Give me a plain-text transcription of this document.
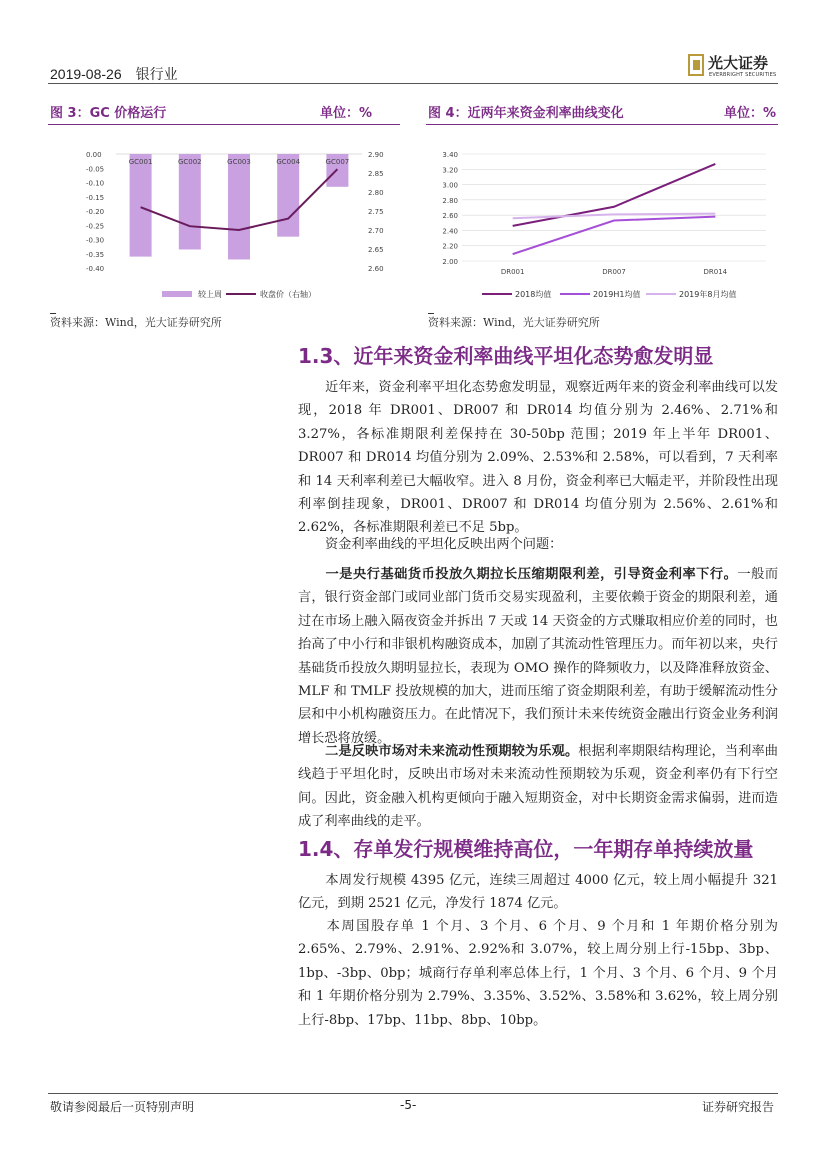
2019-08-26 银行业
光大证券
EVERBRIGHT SECURITIES
图 3：GC 价格运行	单位：%
0.00
-0.05
-0.10
-0.15
-0.20
-0.25
-0.30
-0.35
-0.40
2.90
2.85
2.80
2.75
2.70
2.65
2.60
GC001	GC002	GC003	GC004	GC007
较上周	收盘价（右轴）
资料来源：Wind，光大证券研究所
图 4：近两年来资金利率曲线变化	单位：%
3.40
3.20
3.00
2.80
2.60
2.40
2.20
2.00
DR001	DR007	DR014
2018均值	2019H1均值	2019年8月均值
资料来源：Wind，光大证券研究所
1.3、近年来资金利率曲线平坦化态势愈发明显
近年来，资金利率平坦化态势愈发明显，观察近两年来的资金利率曲线可以发现，2018 年 DR001、DR007 和 DR014 均值分别为 2.46%、2.71%和 3.27%，各标准期限利差保持在 30-50bp 范围；2019 年上半年 DR001、DR007 和 DR014 均值分别为 2.09%、2.53%和 2.58%，可以看到，7 天利率和 14 天利率利差已大幅收窄。进入 8 月份，资金利率已大幅走平，并阶段性出现利率倒挂现象，DR001、DR007 和 DR014 均值分别为 2.56%、2.61%和 2.62%，各标准期限利差已不足 5bp。
资金利率曲线的平坦化反映出两个问题：
一是央行基础货币投放久期拉长压缩期限利差，引导资金利率下行。一般而言，银行资金部门或同业部门货币交易实现盈利，主要依赖于资金的期限利差，通过在市场上融入隔夜资金并拆出 7 天或 14 天资金的方式赚取相应价差的同时，也抬高了中小行和非银机构融资成本，加剧了其流动性管理压力。而年初以来，央行基础货币投放久期明显拉长，表现为 OMO 操作的降频收力，以及降准释放资金、MLF 和 TMLF 投放规模的加大，进而压缩了资金期限利差，有助于缓解流动性分层和中小机构融资压力。在此情况下，我们预计未来传统资金融出行资金业务利润增长恐将放缓。
二是反映市场对未来流动性预期较为乐观。根据利率期限结构理论，当利率曲线趋于平坦化时，反映出市场对未来流动性预期较为乐观，资金利率仍有下行空间。因此，资金融入机构更倾向于融入短期资金，对中长期资金需求偏弱，进而造成了利率曲线的走平。
1.4、存单发行规模维持高位，一年期存单持续放量
本周发行规模 4395 亿元，连续三周超过 4000 亿元，较上周小幅提升 321 亿元，到期 2521 亿元，净发行 1874 亿元。
本周国股存单 1 个月、3 个月、6 个月、9 个月和 1 年期价格分别为 2.65%、2.79%、2.91%、2.92%和 3.07%，较上周分别上行-15bp、3bp、1bp、-3bp、0bp；城商行存单利率总体上行，1 个月、3 个月、6 个月、9 个月和 1 年期价格分别为 2.79%、3.35%、3.52%、3.58%和 3.62%，较上周分别上行-8bp、17bp、11bp、8bp、10bp。
敬请参阅最后一页特别声明	-5-	证券研究报告
